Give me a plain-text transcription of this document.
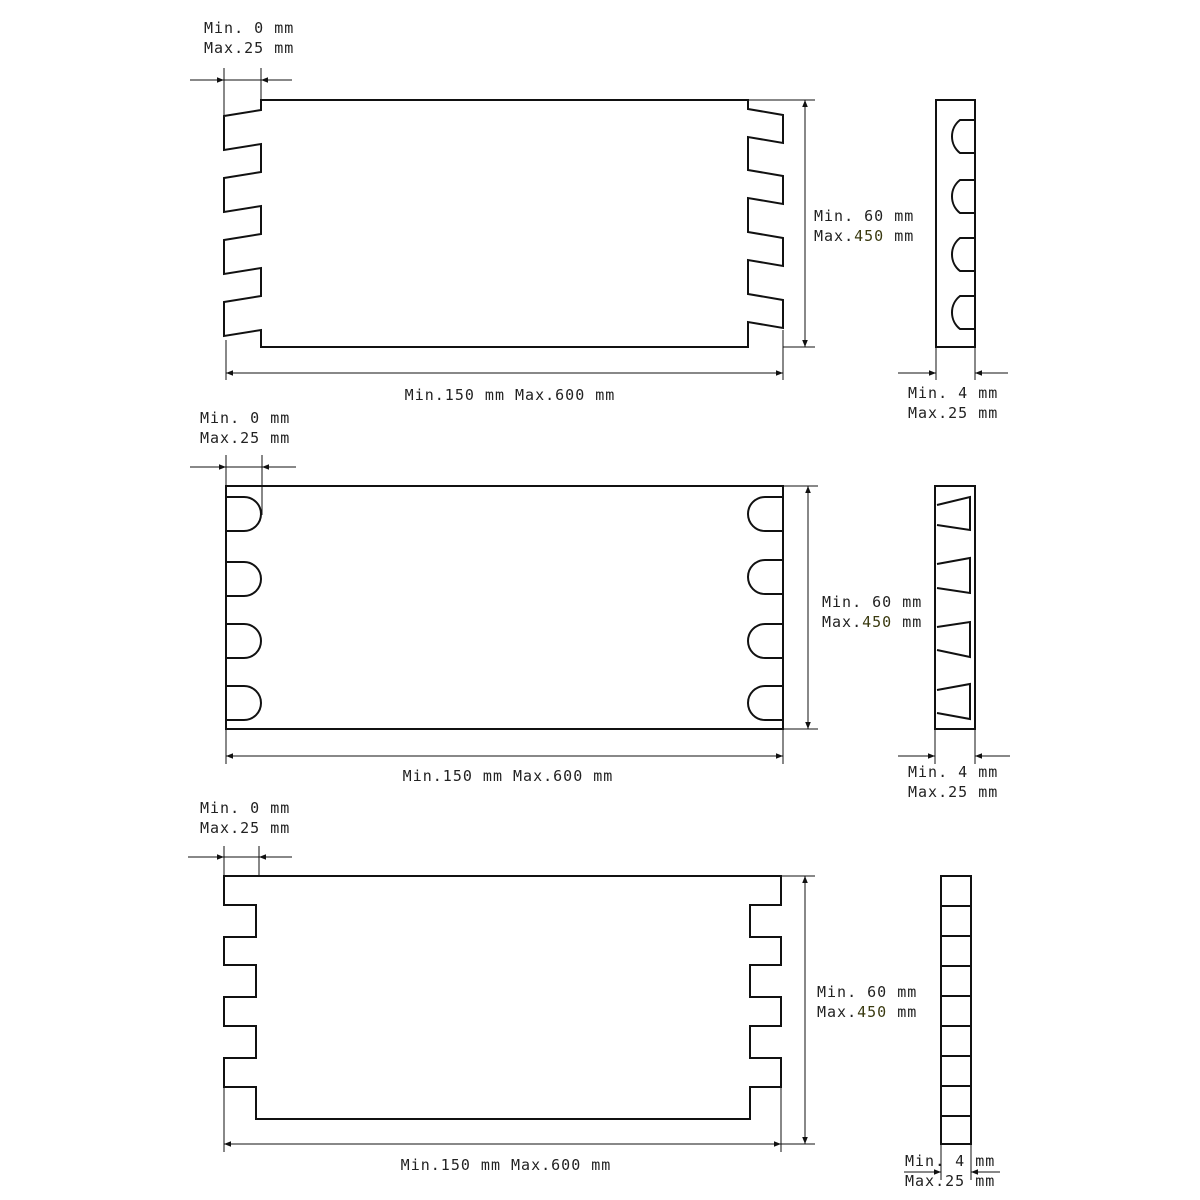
Min. 0 mm
Max.25 mm
Min. 60 mm
Max.450 mm
Min.150 mm Max.600 mm	Min. 4 mm
Max.25 mm
Min. 0 mm
Max.25 mm
Min. 60 mm
Max.450 mm
Min.150 mm Max.600 mm	Min. 4 mm
Max.25 mm
Min. 0 mm
Max.25 mm
Min. 60 mm
Max.450 mm
Min.150 mm Max.600 mm	Min. 4 mm
Max.25 mm
